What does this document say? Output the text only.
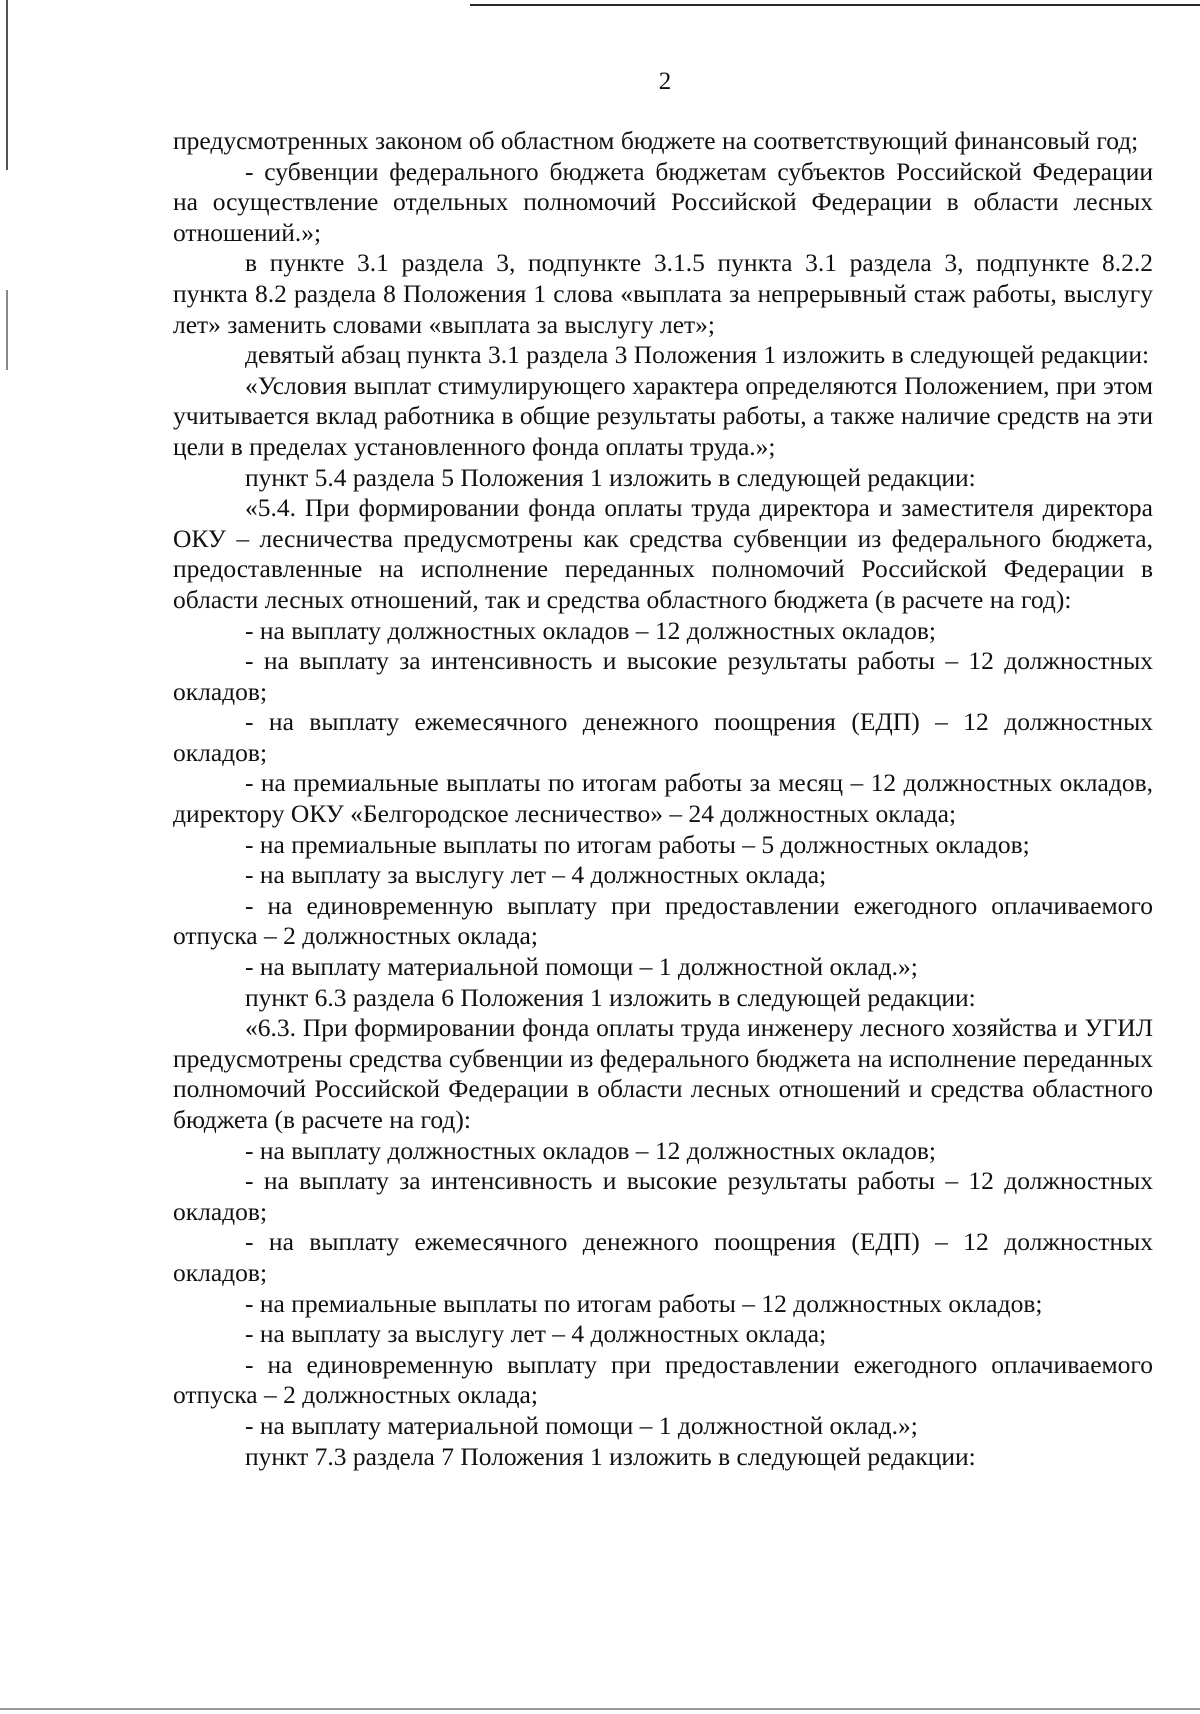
2

предусмотренных законом об областном бюджете на соответствующий финансовый год;

- субвенции федерального бюджета бюджетам субъектов Российской Федерации на осуществление отдельных полномочий Российской Федерации в области лесных отношений.»;

в пункте 3.1 раздела 3, подпункте 3.1.5 пункта 3.1 раздела 3, подпункте 8.2.2 пункта 8.2 раздела 8 Положения 1 слова «выплата за непрерывный стаж работы, выслугу лет» заменить словами «выплата за выслугу лет»;

девятый абзац пункта 3.1 раздела 3 Положения 1 изложить в следующей редакции:

«Условия выплат стимулирующего характера определяются Положением, при этом учитывается вклад работника в общие результаты работы, а также наличие средств на эти цели в пределах установленного фонда оплаты труда.»;

пункт 5.4 раздела 5 Положения 1 изложить в следующей редакции:

«5.4. При формировании фонда оплаты труда директора и заместителя директора ОКУ – лесничества предусмотрены как средства субвенции из федерального бюджета, предоставленные на исполнение переданных полномочий Российской Федерации в области лесных отношений, так и средства областного бюджета (в расчете на год):

- на выплату должностных окладов – 12 должностных окладов;

- на выплату за интенсивность и высокие результаты работы – 12 должностных окладов;

- на выплату ежемесячного денежного поощрения (ЕДП) – 12 должностных окладов;

- на премиальные выплаты по итогам работы за месяц – 12 должностных окладов, директору ОКУ «Белгородское лесничество» – 24 должностных оклада;

- на премиальные выплаты по итогам работы – 5 должностных окладов;

- на выплату за выслугу лет – 4 должностных оклада;

- на единовременную выплату при предоставлении ежегодного оплачиваемого отпуска – 2 должностных оклада;

- на выплату материальной помощи – 1 должностной оклад.»;

пункт 6.3 раздела 6 Положения 1 изложить в следующей редакции:

«6.3. При формировании фонда оплаты труда инженеру лесного хозяйства и УГИЛ предусмотрены средства субвенции из федерального бюджета на исполнение переданных полномочий Российской Федерации в области лесных отношений и средства областного бюджета (в расчете на год):

- на выплату должностных окладов – 12 должностных окладов;

- на выплату за интенсивность и высокие результаты работы – 12 должностных окладов;

- на выплату ежемесячного денежного поощрения (ЕДП) – 12 должностных окладов;

- на премиальные выплаты по итогам работы – 12 должностных окладов;

- на выплату за выслугу лет – 4 должностных оклада;

- на единовременную выплату при предоставлении ежегодного оплачиваемого отпуска – 2 должностных оклада;

- на выплату материальной помощи – 1 должностной оклад.»;

пункт 7.3 раздела 7 Положения 1 изложить в следующей редакции:
